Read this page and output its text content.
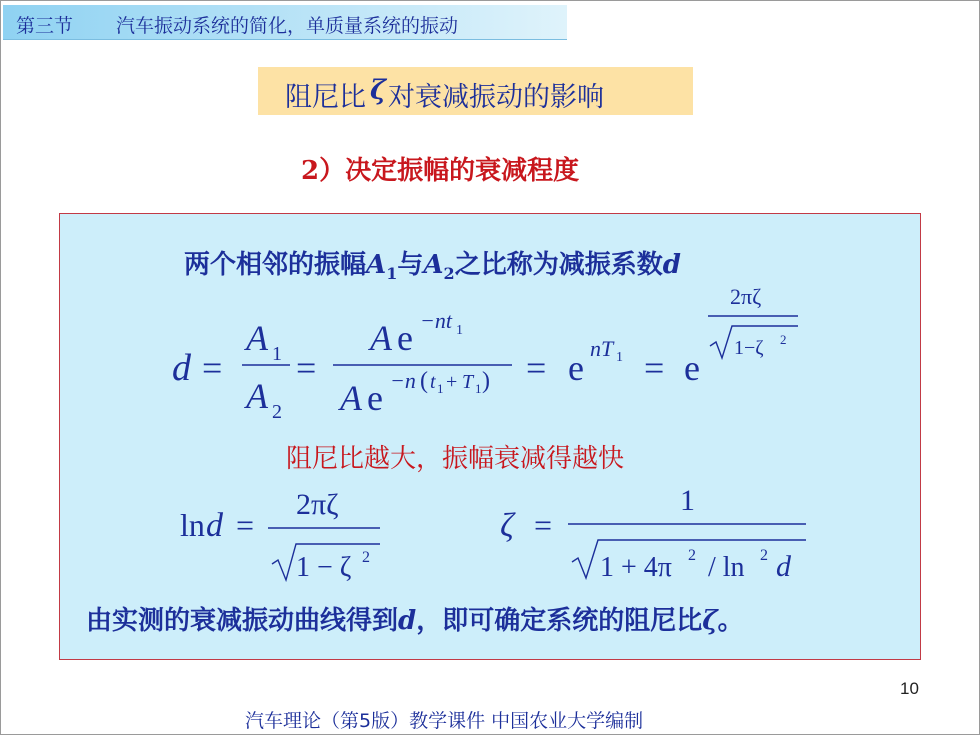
第三节 汽车振动系统的简化，单质量系统的振动
阻尼比 ζ 对衰减振动的影响
2）决定振幅的衰减程度
两个相邻的振幅$A_1$与$A_2$之比称为减振系数d
阻尼比越大，振幅衰减得越快
由实测的衰减振动曲线得到d，即可确定系统的阻尼比ζ。
d =
A 1
A 2
=
A e −nt 1
A e −n ( t 1 + T 1 ) = e nT 1 = e
2πζ
1−ζ 2
ln d =
2πζ
1 − ζ 2
ζ =
1
1 + 4π 2 / ln 2 d
10
汽车理论（第5版）教学课件 中国农业大学编制
